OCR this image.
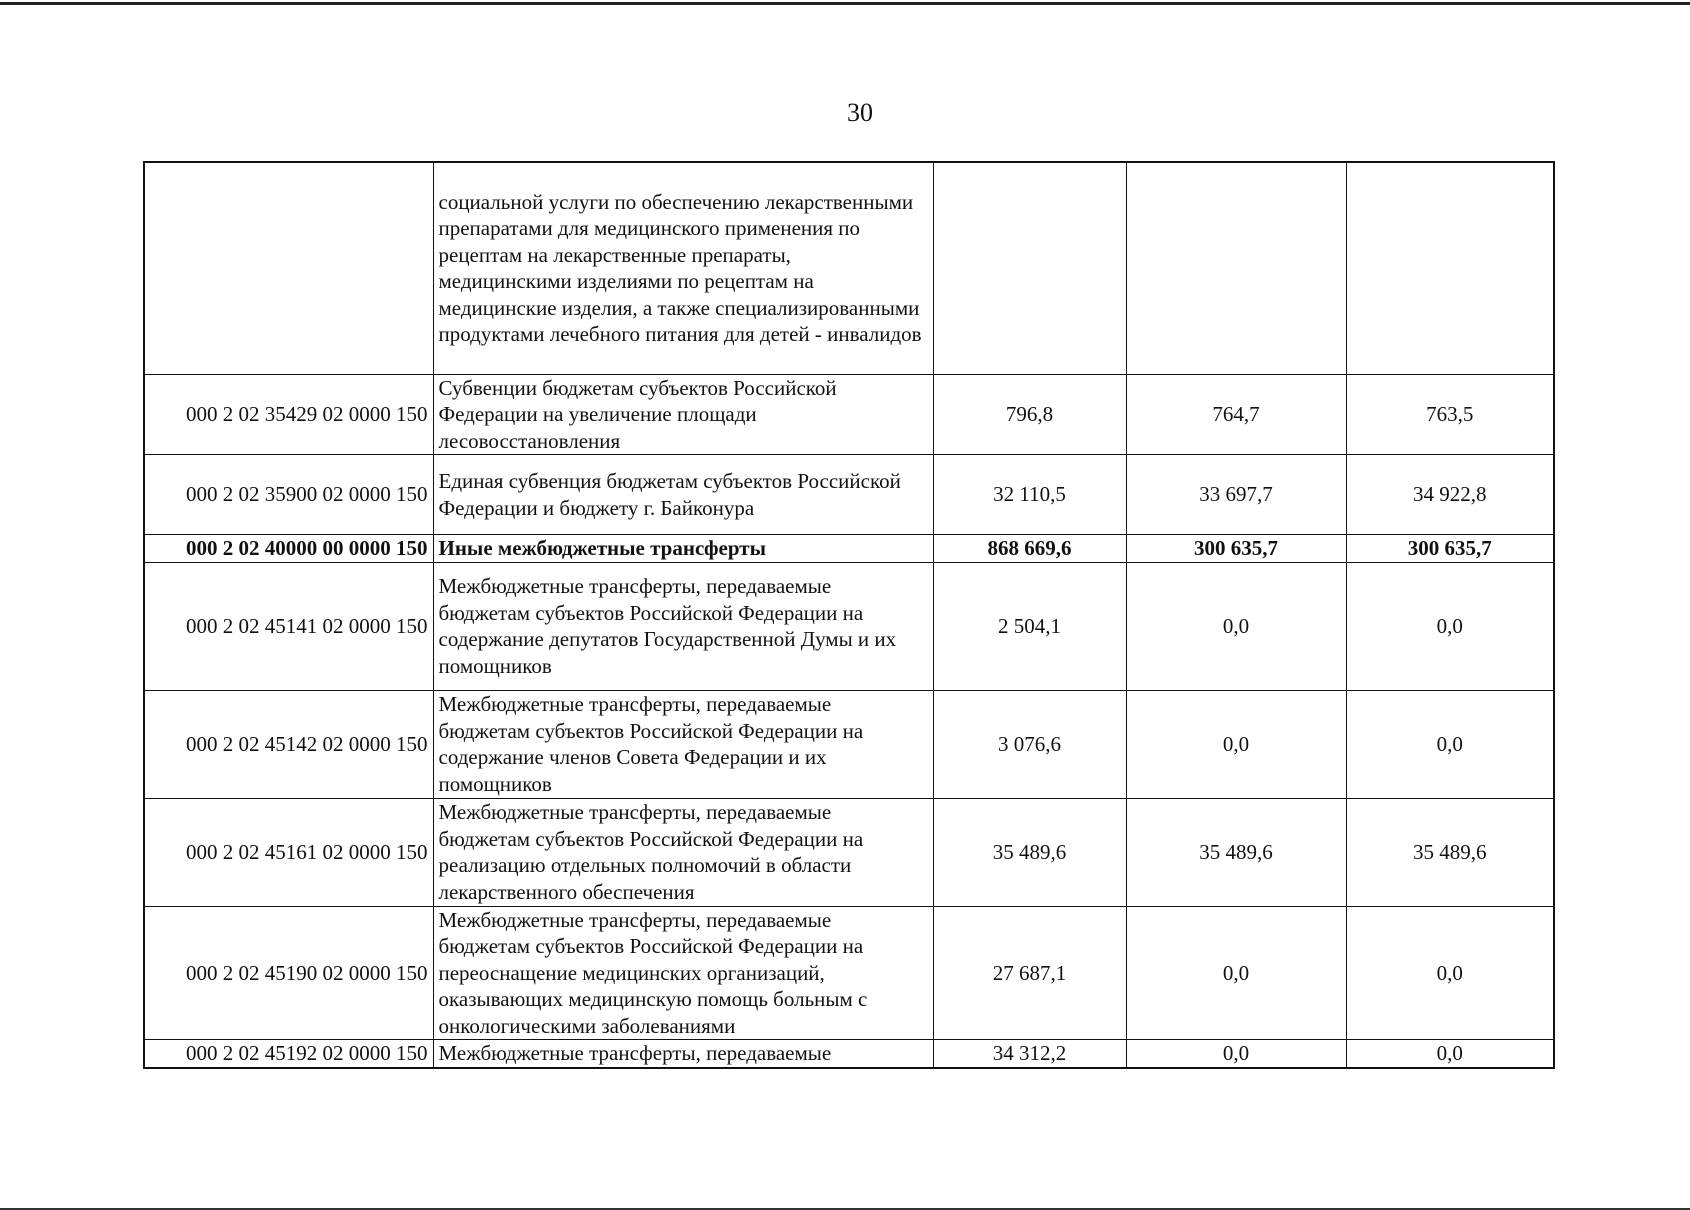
30
	социальной услуги по обеспечению лекарственными препаратами для медицинского применения по рецептам на лекарственные препараты, медицинскими изделиями по рецептам на медицинские изделия, а также специализированными продуктами лечебного питания для детей - инвалидов			
000 2 02 35429 02 0000 150	Субвенции бюджетам субъектов Российской Федерации на увеличение площади лесовосстановления	796,8	764,7	763,5
000 2 02 35900 02 0000 150	Единая субвенция бюджетам субъектов Российской Федерации и бюджету г. Байконура	32 110,5	33 697,7	34 922,8
000 2 02 40000 00 0000 150	Иные межбюджетные трансферты	868 669,6	300 635,7	300 635,7
000 2 02 45141 02 0000 150	Межбюджетные трансферты, передаваемые бюджетам субъектов Российской Федерации на содержание депутатов Государственной Думы и их помощников	2 504,1	0,0	0,0
000 2 02 45142 02 0000 150	Межбюджетные трансферты, передаваемые бюджетам субъектов Российской Федерации на содержание членов Совета Федерации и их помощников	3 076,6	0,0	0,0
000 2 02 45161 02 0000 150	Межбюджетные трансферты, передаваемые бюджетам субъектов Российской Федерации на реализацию отдельных полномочий в области лекарственного обеспечения	35 489,6	35 489,6	35 489,6
000 2 02 45190 02 0000 150	Межбюджетные трансферты, передаваемые бюджетам субъектов Российской Федерации на переоснащение медицинских организаций, оказывающих медицинскую помощь больным с онкологическими заболеваниями	27 687,1	0,0	0,0
000 2 02 45192 02 0000 150	Межбюджетные трансферты, передаваемые	34 312,2	0,0	0,0
